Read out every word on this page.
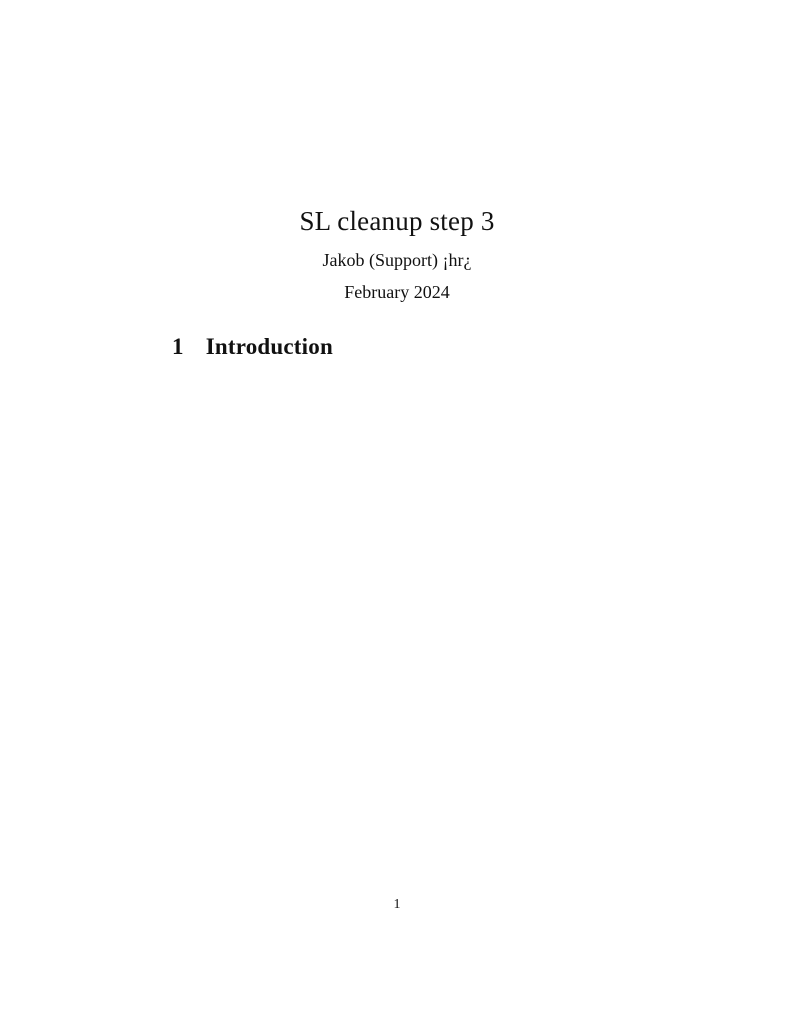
SL cleanup step 3
Jakob (Support) ¡hr¿
February 2024
1 Introduction
1
